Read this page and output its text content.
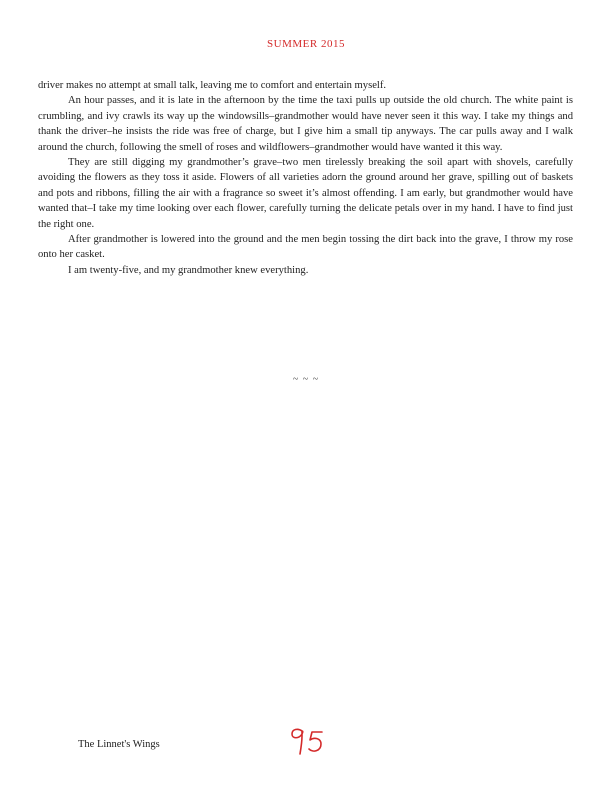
SUMMER 2015

driver makes no attempt at small talk, leaving me to comfort and entertain myself.

An hour passes, and it is late in the afternoon by the time the taxi pulls up outside the old church. The white paint is crumbling, and ivy crawls its way up the windowsills–grandmother would have never seen it this way. I take my things and thank the driver–he insists the ride was free of charge, but I give him a small tip anyways. The car pulls away and I walk around the church, following the smell of roses and wildflowers–grandmother would have wanted it this way.

They are still digging my grandmother’s grave–two men tirelessly breaking the soil apart with shovels, carefully avoiding the flowers as they toss it aside. Flowers of all varieties adorn the ground around her grave, spilling out of baskets and pots and ribbons, filling the air with a fragrance so sweet it’s almost offending. I am early, but grandmother would have wanted that–I take my time looking over each flower, carefully turning the delicate petals over in my hand. I have to find just the right one.

After grandmother is lowered into the ground and the men begin tossing the dirt back into the grave, I throw my rose onto her casket.

I am twenty-five, and my grandmother knew everything.

~ ~ ~
The Linnet's Wings
